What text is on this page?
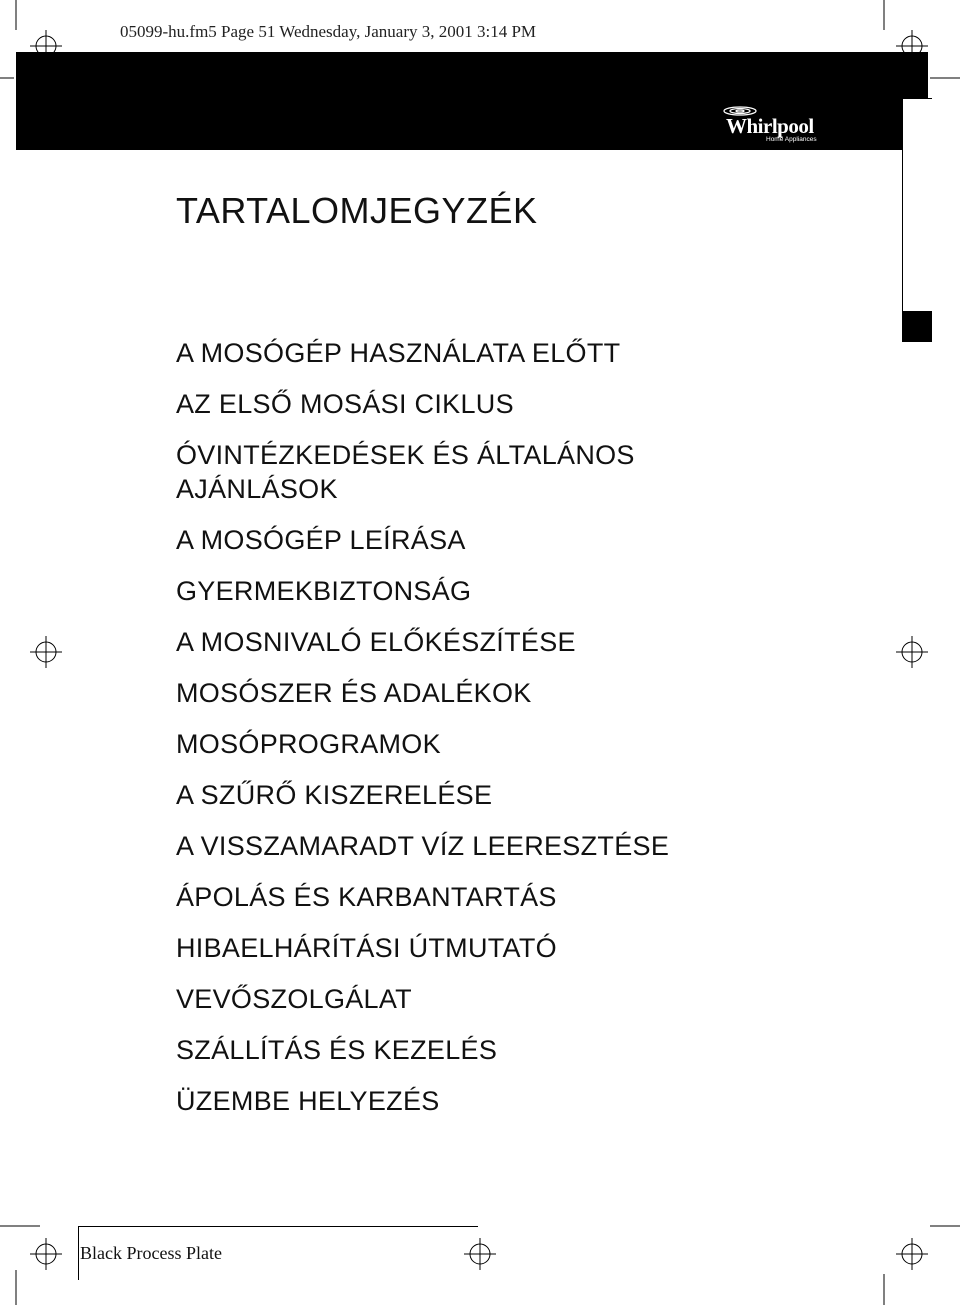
05099-hu.fm5 Page 51 Wednesday, January 3, 2001 3:14 PM
Whirlpool
Home Appliances
TARTALOMJEGYZÉK
A MOSÓGÉP HASZNÁLATA ELŐTT
AZ ELSŐ MOSÁSI CIKLUS
ÓVINTÉZKEDÉSEK ÉS ÁLTALÁNOS AJÁNLÁSOK
A MOSÓGÉP LEÍRÁSA
GYERMEKBIZTONSÁG
A MOSNIVALÓ ELŐKÉSZÍTÉSE
MOSÓSZER ÉS ADALÉKOK
MOSÓPROGRAMOK
A SZŰRŐ KISZERELÉSE
A VISSZAMARADT VÍZ LEERESZTÉSE
ÁPOLÁS ÉS KARBANTARTÁS
HIBAELHÁRÍTÁSI ÚTMUTATÓ
VEVŐSZOLGÁLAT
SZÁLLÍTÁS ÉS KEZELÉS
ÜZEMBE HELYEZÉS
Black Process Plate
